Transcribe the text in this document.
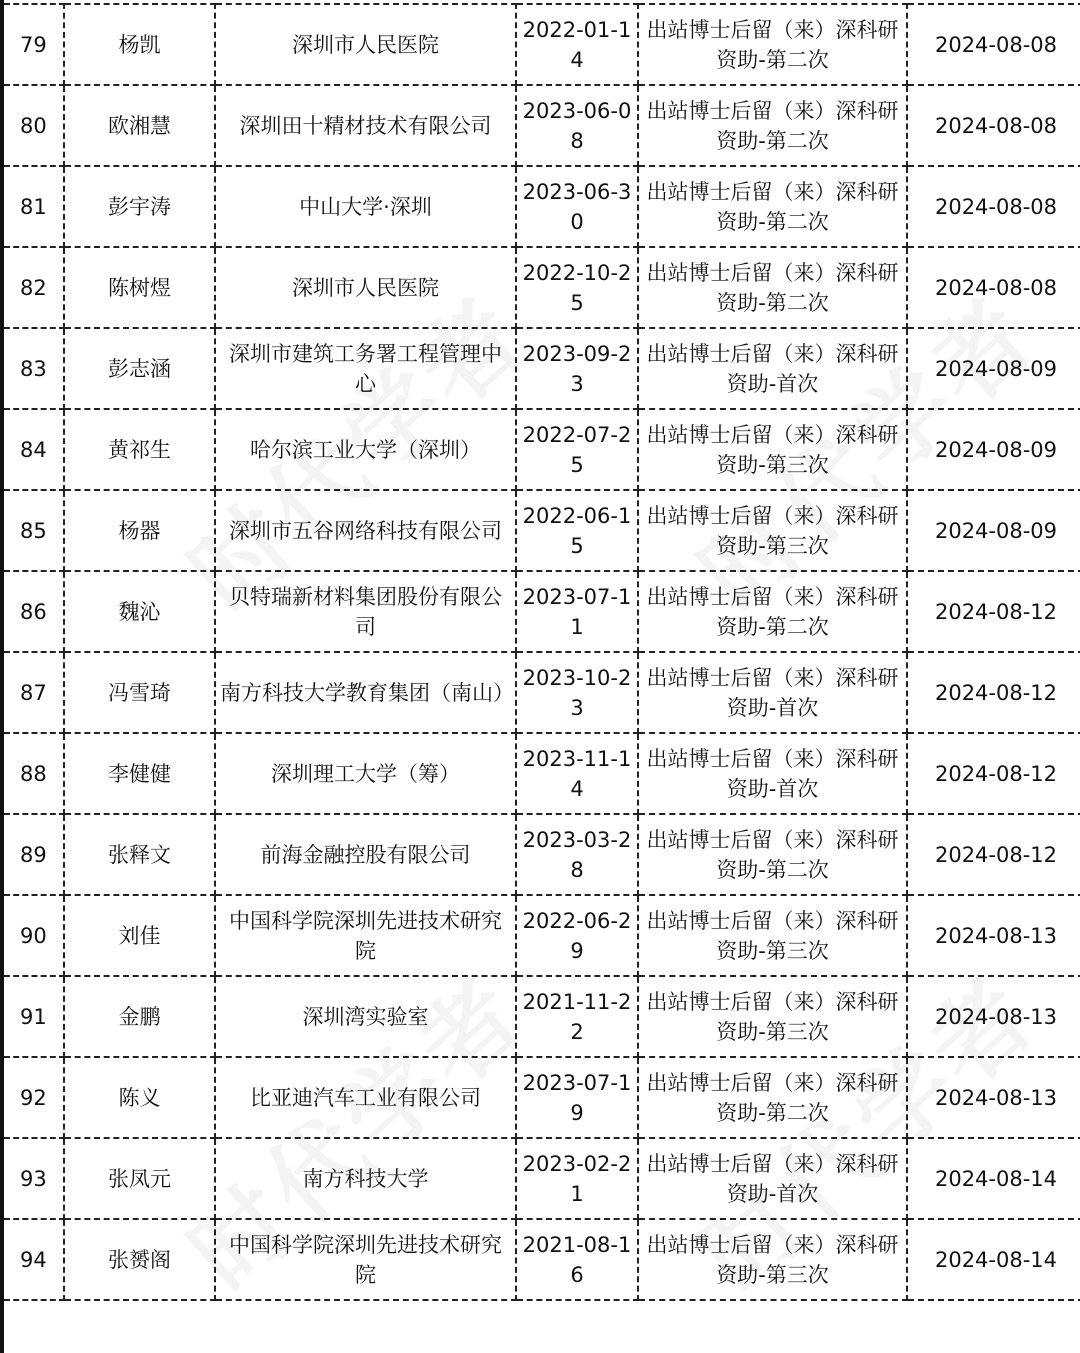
79	杨凯	深圳市人民医院	2022-01-14	出站博士后留（来）深科研资助-第二次	2024-08-08
80	欧湘慧	深圳田十精材技术有限公司	2023-06-08	出站博士后留（来）深科研资助-第二次	2024-08-08
81	彭宇涛	中山大学·深圳	2023-06-30	出站博士后留（来）深科研资助-第二次	2024-08-08
82	陈树煜	深圳市人民医院	2022-10-25	出站博士后留（来）深科研资助-第二次	2024-08-08
83	彭志涵	深圳市建筑工务署工程管理中心	2023-09-23	出站博士后留（来）深科研资助-首次	2024-08-09
84	黄祁生	哈尔滨工业大学（深圳）	2022-07-25	出站博士后留（来）深科研资助-第三次	2024-08-09
85	杨器	深圳市五谷网络科技有限公司	2022-06-15	出站博士后留（来）深科研资助-第三次	2024-08-09
86	魏沁	贝特瑞新材料集团股份有限公司	2023-07-11	出站博士后留（来）深科研资助-第二次	2024-08-12
87	冯雪琦	南方科技大学教育集团（南山）	2023-10-23	出站博士后留（来）深科研资助-首次	2024-08-12
88	李健健	深圳理工大学（筹）	2023-11-14	出站博士后留（来）深科研资助-首次	2024-08-12
89	张释文	前海金融控股有限公司	2023-03-28	出站博士后留（来）深科研资助-第二次	2024-08-12
90	刘佳	中国科学院深圳先进技术研究院	2022-06-29	出站博士后留（来）深科研资助-第三次	2024-08-13
91	金鹏	深圳湾实验室	2021-11-22	出站博士后留（来）深科研资助-第三次	2024-08-13
92	陈义	比亚迪汽车工业有限公司	2023-07-19	出站博士后留（来）深科研资助-第二次	2024-08-13
93	张凤元	南方科技大学	2023-02-21	出站博士后留（来）深科研资助-首次	2024-08-14
94	张赟阁	中国科学院深圳先进技术研究院	2021-08-16	出站博士后留（来）深科研资助-第三次	2024-08-14
